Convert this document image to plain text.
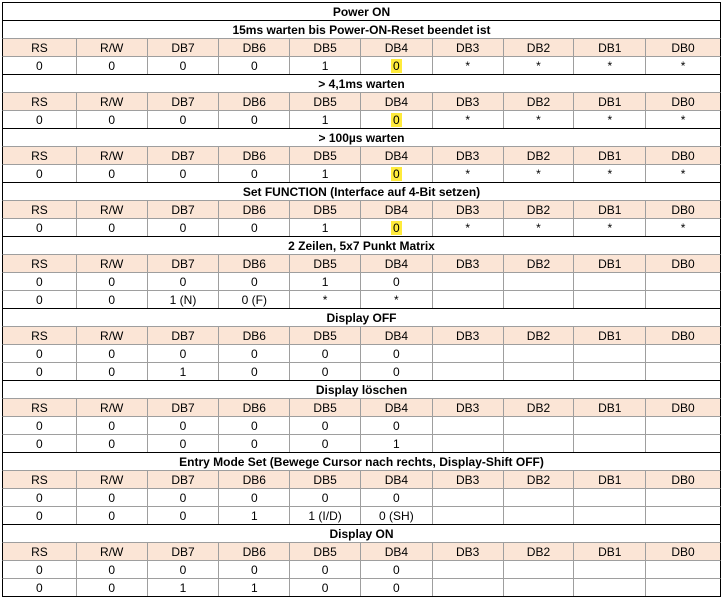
Power ON
15ms warten bis Power-ON-Reset beendet ist
RS	R/W	DB7	DB6	DB5	DB4	DB3	DB2	DB1	DB0
0	0	0	0	1	0	*	*	*	*
> 4,1ms warten
RS	R/W	DB7	DB6	DB5	DB4	DB3	DB2	DB1	DB0
0	0	0	0	1	0	*	*	*	*
> 100µs warten
RS	R/W	DB7	DB6	DB5	DB4	DB3	DB2	DB1	DB0
0	0	0	0	1	0	*	*	*	*
Set FUNCTION (Interface auf 4-Bit setzen)
RS	R/W	DB7	DB6	DB5	DB4	DB3	DB2	DB1	DB0
0	0	0	0	1	0	*	*	*	*
2 Zeilen, 5x7 Punkt Matrix
RS	R/W	DB7	DB6	DB5	DB4	DB3	DB2	DB1	DB0
0	0	0	0	1	0
0	0	1 (N)	0 (F)	*	*
Display OFF
RS	R/W	DB7	DB6	DB5	DB4	DB3	DB2	DB1	DB0
0	0	0	0	0	0
0	0	1	0	0	0
Display löschen
RS	R/W	DB7	DB6	DB5	DB4	DB3	DB2	DB1	DB0
0	0	0	0	0	0
0	0	0	0	0	1
Entry Mode Set (Bewege Cursor nach rechts, Display-Shift OFF)
RS	R/W	DB7	DB6	DB5	DB4	DB3	DB2	DB1	DB0
0	0	0	0	0	0
0	0	0	1	1 (I/D)	0 (SH)
Display ON
RS	R/W	DB7	DB6	DB5	DB4	DB3	DB2	DB1	DB0
0	0	0	0	0	0
0	0	1	1	0	0
